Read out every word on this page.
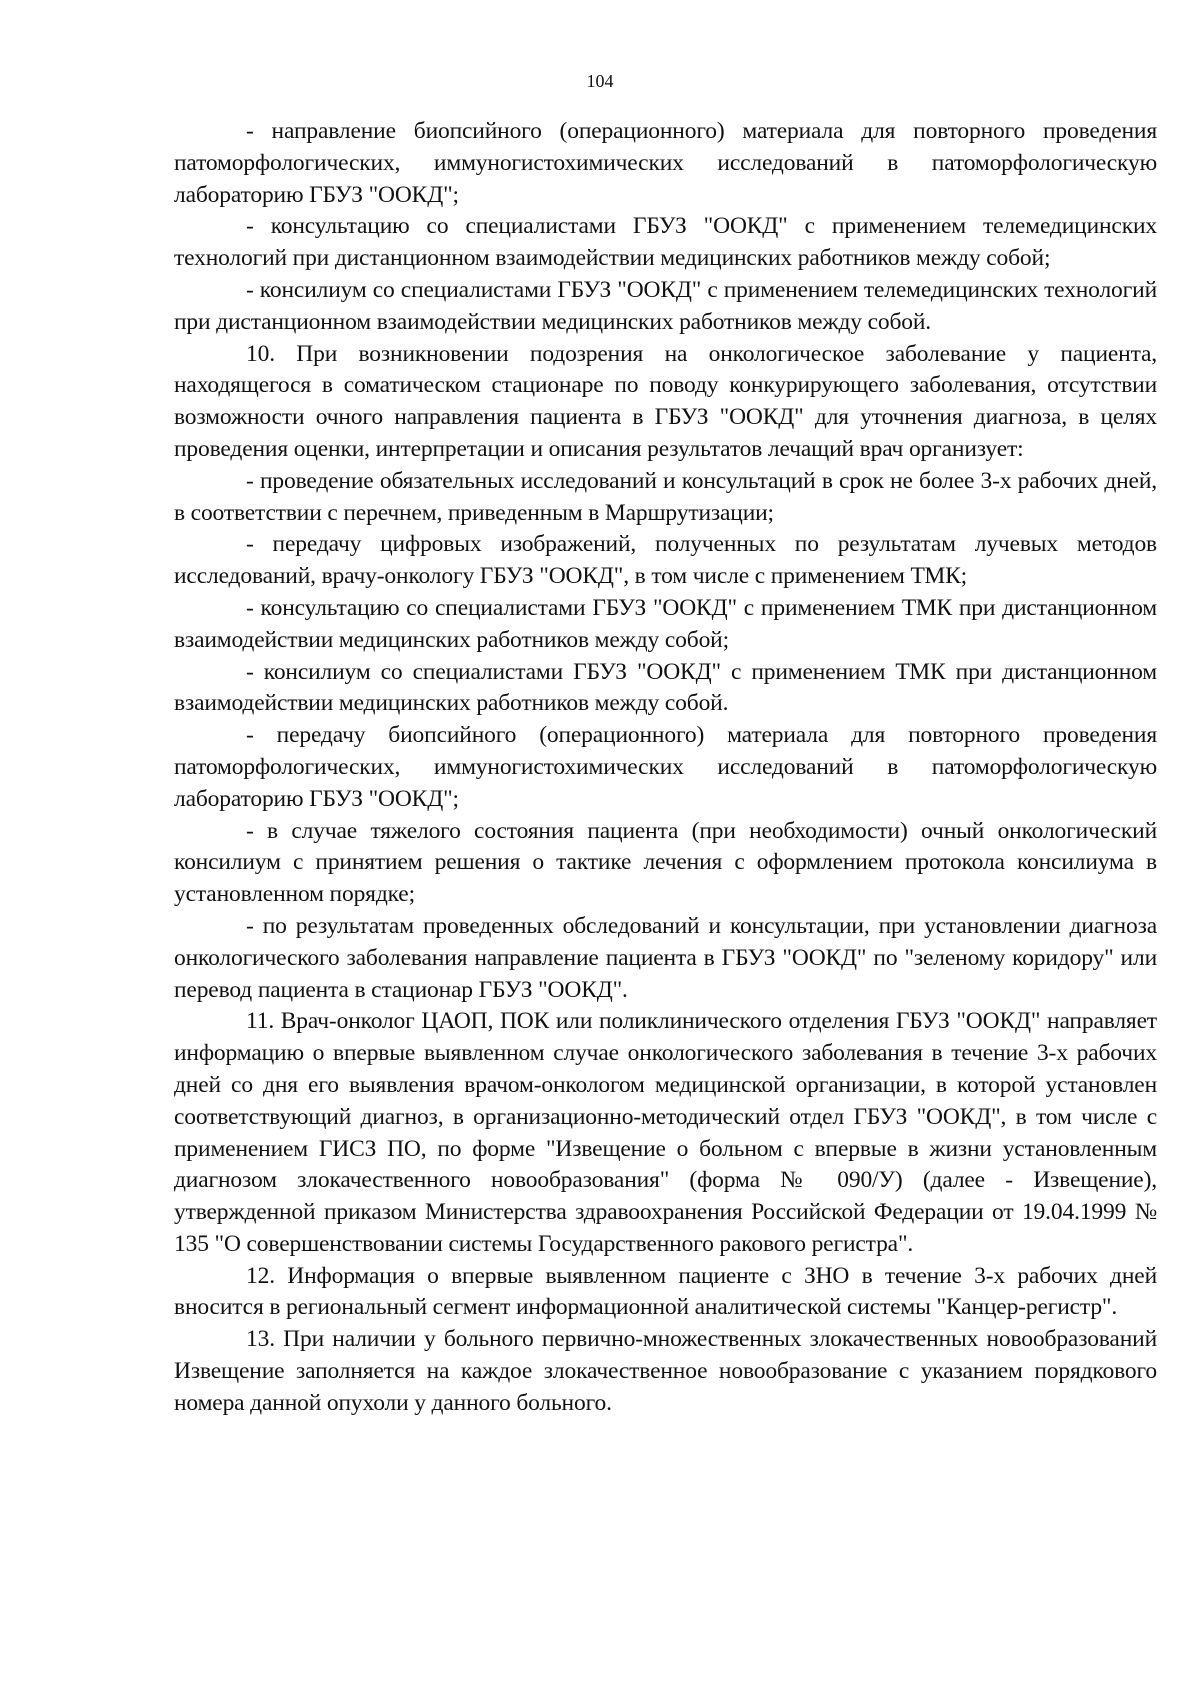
104

- направление биопсийного (операционного) материала для повторного проведения патоморфологических, иммуногистохимических исследований в патоморфологическую лабораторию ГБУЗ "ООКД";

- консультацию со специалистами ГБУЗ "ООКД" с применением телемедицинских технологий при дистанционном взаимодействии медицинских работников между собой;

- консилиум со специалистами ГБУЗ "ООКД" с применением телемедицинских технологий при дистанционном взаимодействии медицинских работников между собой.

10. При возникновении подозрения на онкологическое заболевание у пациента, находящегося в соматическом стационаре по поводу конкурирующего заболевания, отсутствии возможности очного направления пациента в ГБУЗ "ООКД" для уточнения диагноза, в целях проведения оценки, интерпретации и описания результатов лечащий врач организует:

- проведение обязательных исследований и консультаций в срок не более 3-х рабочих дней, в соответствии с перечнем, приведенным в Маршрутизации;

- передачу цифровых изображений, полученных по результатам лучевых методов исследований, врачу-онкологу ГБУЗ "ООКД", в том числе с применением ТМК;

- консультацию со специалистами ГБУЗ "ООКД" с применением ТМК при дистанционном взаимодействии медицинских работников между собой;

- консилиум со специалистами ГБУЗ "ООКД" с применением ТМК при дистанционном взаимодействии медицинских работников между собой.

- передачу биопсийного (операционного) материала для повторного проведения патоморфологических, иммуногистохимических исследований в патоморфологическую лабораторию ГБУЗ "ООКД";

- в случае тяжелого состояния пациента (при необходимости) очный онкологический консилиум с принятием решения о тактике лечения с оформлением протокола консилиума в установленном порядке;

- по результатам проведенных обследований и консультации, при установлении диагноза онкологического заболевания направление пациента в ГБУЗ "ООКД" по "зеленому коридору" или перевод пациента в стационар ГБУЗ "ООКД".

11. Врач-онколог ЦАОП, ПОК или поликлинического отделения ГБУЗ "ООКД" направляет информацию о впервые выявленном случае онкологического заболевания в течение 3-х рабочих дней со дня его выявления врачом-онкологом медицинской организации, в которой установлен соответствующий диагноз, в организационно-методический отдел ГБУЗ "ООКД", в том числе с применением ГИСЗ ПО, по форме "Извещение о больном с впервые в жизни установленным диагнозом злокачественного новообразования" (форма № 090/У) (далее - Извещение), утвержденной приказом Министерства здравоохранения Российской Федерации от 19.04.1999 № 135 "О совершенствовании системы Государственного ракового регистра".

12. Информация о впервые выявленном пациенте с ЗНО в течение 3-х рабочих дней вносится в региональный сегмент информационной аналитической системы "Канцер-регистр".

13. При наличии у больного первично-множественных злокачественных новообразований Извещение заполняется на каждое злокачественное новообразование с указанием порядкового номера данной опухоли у данного больного.
